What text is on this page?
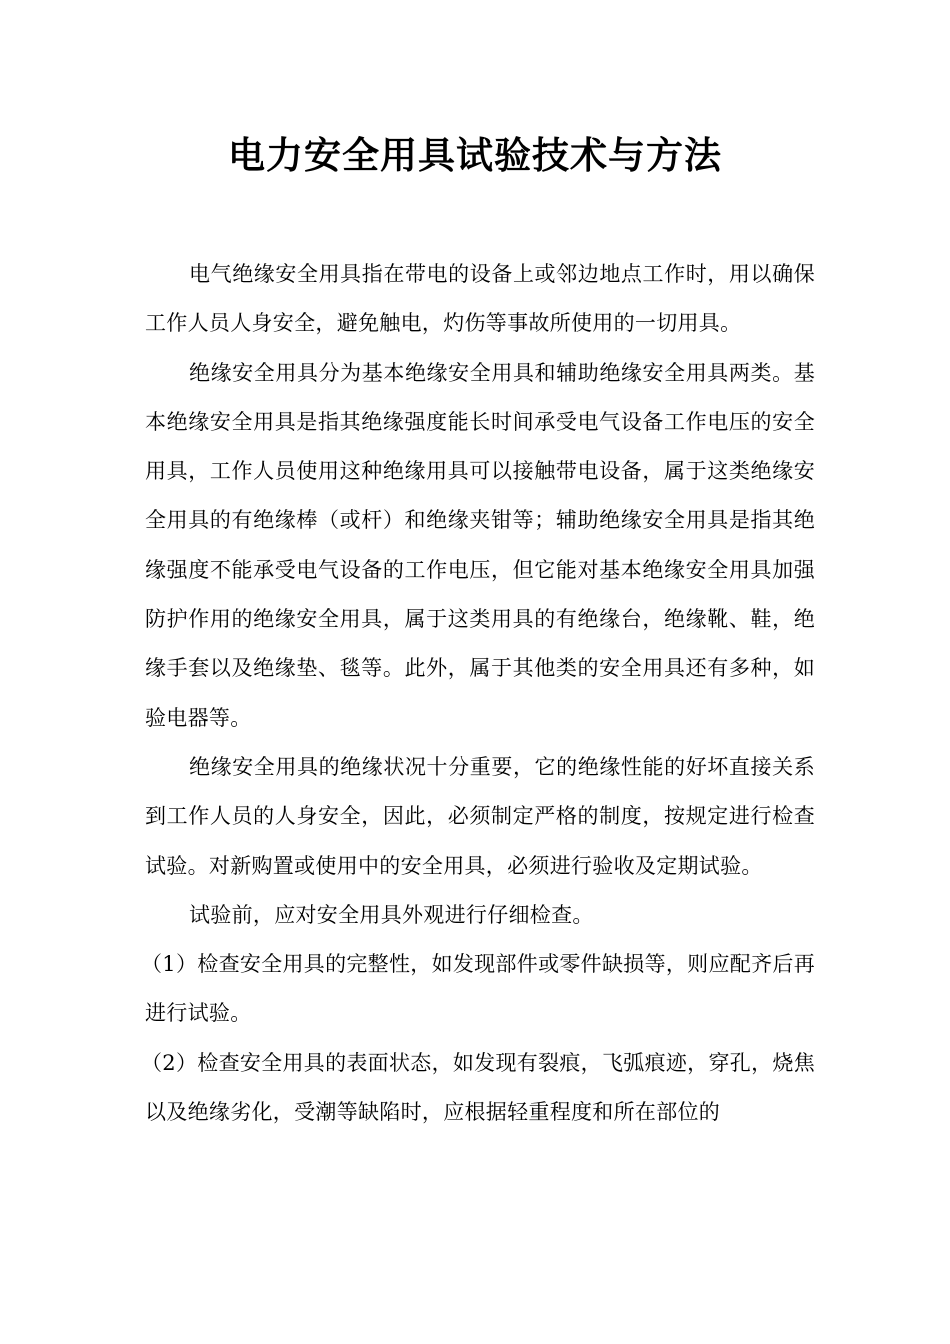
电力安全用具试验技术与方法

电气绝缘安全用具指在带电的设备上或邻边地点工作时，用以确保工作人员人身安全，避免触电，灼伤等事故所使用的一切用具。

绝缘安全用具分为基本绝缘安全用具和辅助绝缘安全用具两类。基本绝缘安全用具是指其绝缘强度能长时间承受电气设备工作电压的安全用具，工作人员使用这种绝缘用具可以接触带电设备，属于这类绝缘安全用具的有绝缘棒（或杆）和绝缘夹钳等；辅助绝缘安全用具是指其绝缘强度不能承受电气设备的工作电压，但它能对基本绝缘安全用具加强防护作用的绝缘安全用具，属于这类用具的有绝缘台，绝缘靴、鞋，绝缘手套以及绝缘垫、毯等。此外，属于其他类的安全用具还有多种，如验电器等。

绝缘安全用具的绝缘状况十分重要，它的绝缘性能的好坏直接关系到工作人员的人身安全，因此，必须制定严格的制度，按规定进行检查试验。对新购置或使用中的安全用具，必须进行验收及定期试验。

试验前，应对安全用具外观进行仔细检查。

（1）检查安全用具的完整性，如发现部件或零件缺损等，则应配齐后再进行试验。

（2）检查安全用具的表面状态，如发现有裂痕，飞弧痕迹，穿孔，烧焦以及绝缘劣化，受潮等缺陷时，应根据轻重程度和所在部位的
